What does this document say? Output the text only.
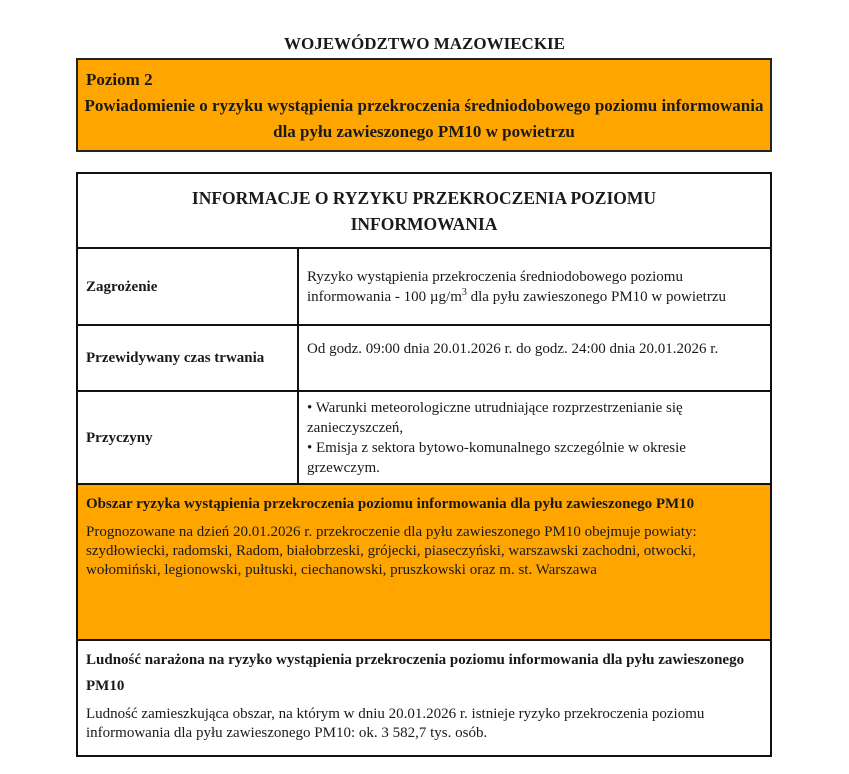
WOJEWÓDZTWO MAZOWIECKIE
Poziom 2
Powiadomienie o ryzyku wystąpienia przekroczenia średniodobowego poziomu informowania dla pyłu zawieszonego PM10 w powietrzu
INFORMACJE O RYZYKU PRZEKROCZENIA POZIOMU INFORMOWANIA
Zagrożenie
Ryzyko wystąpienia przekroczenia średniodobowego poziomu informowania - 100 $\mu g/m^3$ dla pyłu zawieszonego PM10 w powietrzu
Przewidywany czas trwania
Od godz. 09:00 dnia 20.01.2026 r. do godz. 24:00 dnia 20.01.2026 r.
Przyczyny
• Warunki meteorologiczne utrudniające rozprzestrzenianie się zanieczyszczeń,
• Emisja z sektora bytowo-komunalnego szczególnie w okresie grzewczym.

Obszar ryzyka wystąpienia przekroczenia poziomu informowania dla pyłu zawieszonego PM10

Prognozowane na dzień 20.01.2026 r. przekroczenie dla pyłu zawieszonego PM10 obejmuje powiaty: szydłowiecki, radomski, Radom, białobrzeski, grójecki, piaseczyński, warszawski zachodni, otwocki, wołomiński, legionowski, pułtuski, ciechanowski, pruszkowski oraz m. st. Warszawa

Ludność narażona na ryzyko wystąpienia przekroczenia poziomu informowania dla pyłu zawieszonego PM10

Ludność zamieszkująca obszar, na którym w dniu 20.01.2026 r. istnieje ryzyko przekroczenia poziomu informowania dla pyłu zawieszonego PM10: ok. 3 582,7 tys. osób.
